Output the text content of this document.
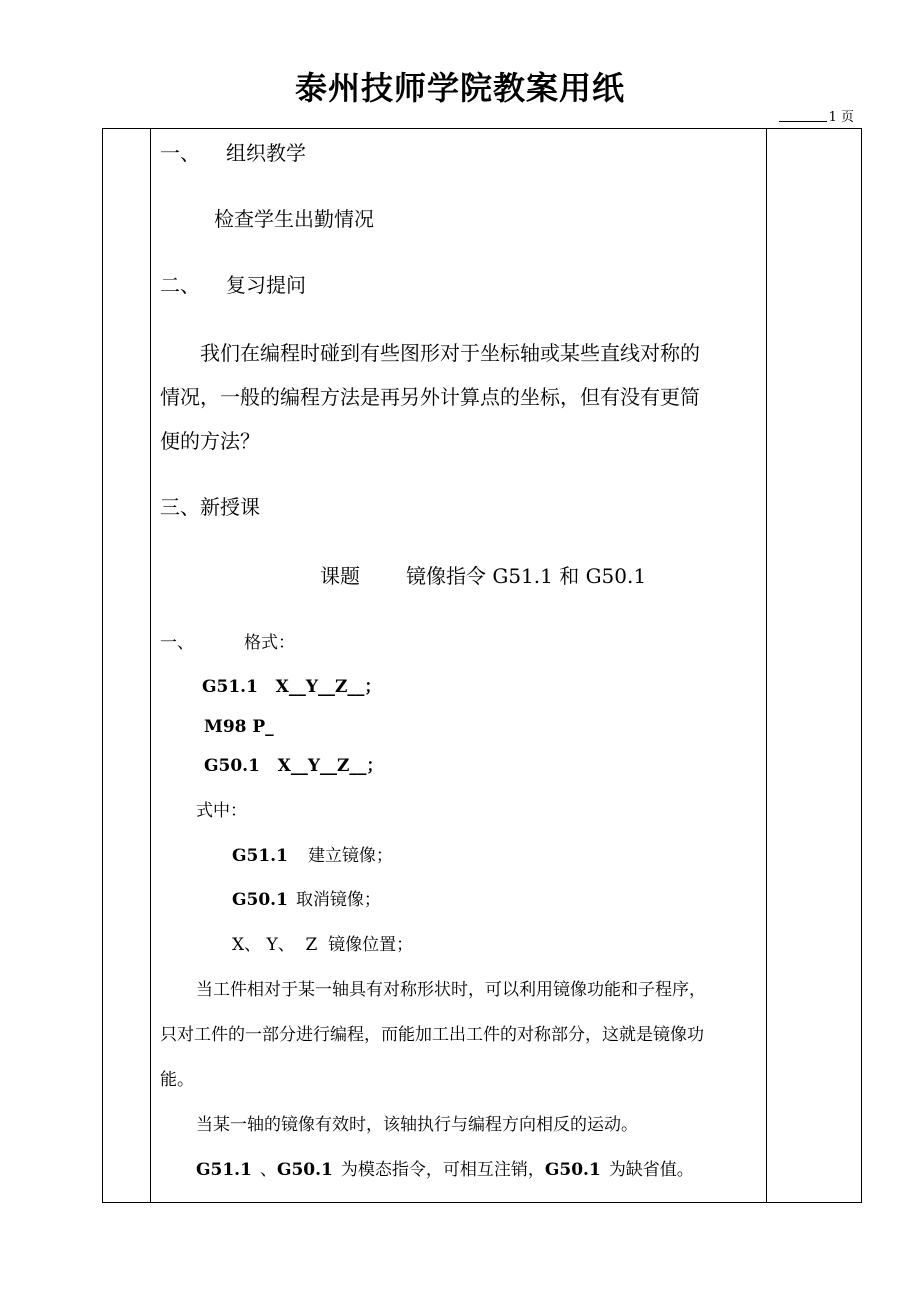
泰州技师学院教案用纸
1 页
一、 组织教学
检查学生出勤情况
二、 复习提问
我们在编程时碰到有些图形对于坐标轴或某些直线对称的
情况，一般的编程方法是再另外计算点的坐标，但有没有更简
便的方法？
三、新授课
课题 镜像指令 G51.1 和 G50.1
一、	格式：
G51.1   X__Y__Z__；
M98 P_
G50.1   X__Y__Z__；
式中：
G51.1 建立镜像；
G50.1 取消镜像；
X、 Y、  Z  镜像位置；
当工件相对于某一轴具有对称形状时，可以利用镜像功能和子程序，
只对工件的一部分进行编程，而能加工出工件的对称部分，这就是镜像功
能。
当某一轴的镜像有效时，该轴执行与编程方向相反的运动。
G51.1 、G50.1 为模态指令，可相互注销，G50.1 为缺省值。
